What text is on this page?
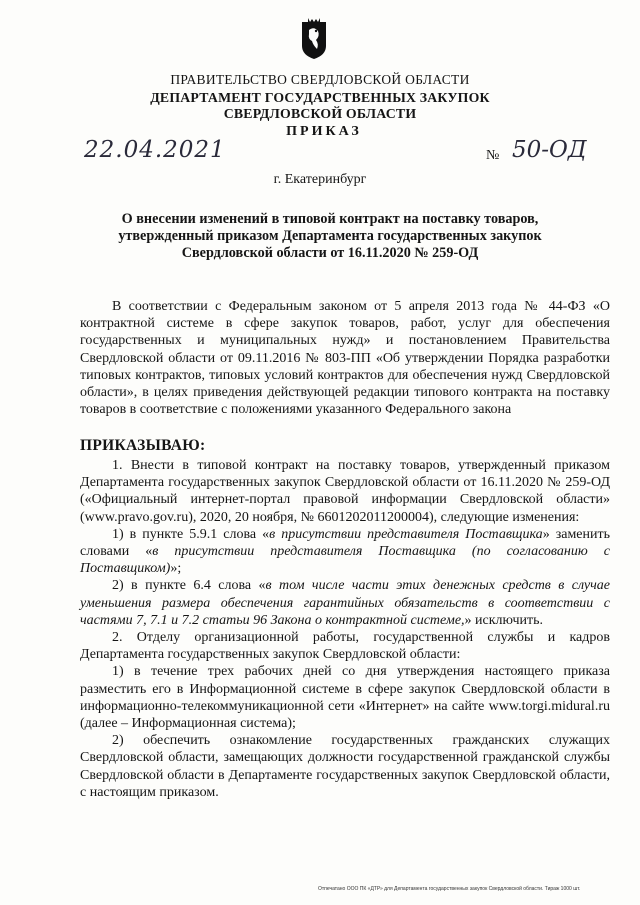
ПРАВИТЕЛЬСТВО СВЕРДЛОВСКОЙ ОБЛАСТИ
ДЕПАРТАМЕНТ ГОСУДАРСТВЕННЫХ ЗАКУПОК
СВЕРДЛОВСКОЙ ОБЛАСТИ
ПРИКАЗ
22.04.2021	№ 50-ОД
г. Екатеринбург
О внесении изменений в типовой контракт на поставку товаров,
утвержденный приказом Департамента государственных закупок
Свердловской области от 16.11.2020 № 259-ОД

В соответствии с Федеральным законом от 5 апреля 2013 года № 44-ФЗ «О контрактной системе в сфере закупок товаров, работ, услуг для обеспечения государственных и муниципальных нужд» и постановлением Правительства Свердловской области от 09.11.2016 № 803-ПП «Об утверждении Порядка разработки типовых контрактов, типовых условий контрактов для обеспечения нужд Свердловской области», в целях приведения действующей редакции типового контракта на поставку товаров в соответствие с положениями указанного Федерального закона

ПРИКАЗЫВАЮ:

1. Внести в типовой контракт на поставку товаров, утвержденный приказом Департамента государственных закупок Свердловской области от 16.11.2020 № 259-ОД («Официальный интернет-портал правовой информации Свердловской области» (www.pravo.gov.ru), 2020, 20 ноября, № 6601202011200004), следующие изменения:

1) в пункте 5.9.1 слова «в присутствии представителя Поставщика» заменить словами «в присутствии представителя Поставщика (по согласованию с Поставщиком)»;

2) в пункте 6.4 слова «в том числе части этих денежных средств в случае уменьшения размера обеспечения гарантийных обязательств в соответствии с частями 7, 7.1 и 7.2 статьи 96 Закона о контрактной системе,» исключить.

2. Отделу организационной работы, государственной службы и кадров Департамента государственных закупок Свердловской области:

1) в течение трех рабочих дней со дня утверждения настоящего приказа разместить его в Информационной системе в сфере закупок Свердловской области в информационно-телекоммуникационной сети «Интернет» на сайте www.torgi.midural.ru (далее – Информационная система);

2) обеспечить ознакомление государственных гражданских служащих Свердловской области, замещающих должности государственной гражданской службы Свердловской области в Департаменте государственных закупок Свердловской области, с настоящим приказом.

Отпечатано ООО ПК «ДТР» для Департамента государственных закупок Свердловской области. Тираж 1000 шт.
